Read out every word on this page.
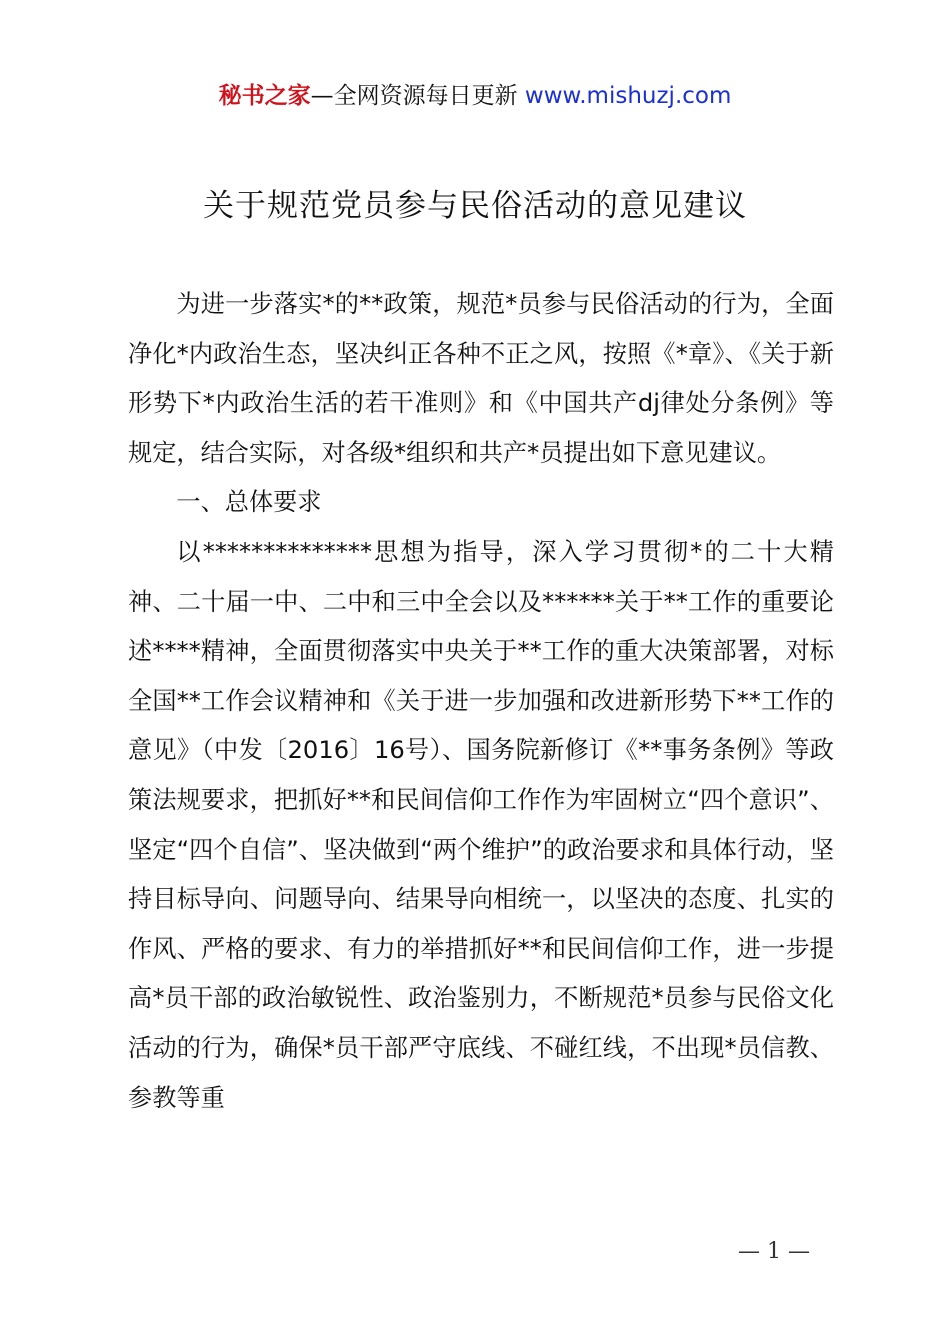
秘书之家—全网资源每日更新 www.mishuzj.com
关于规范党员参与民俗活动的意见建议

为进一步落实*的**政策，规范*员参与民俗活动的行为，全面净化*内政治生态，坚决纠正各种不正之风，按照《*章》、《关于新形势下*内政治生活的若干准则》和《中国共产dj律处分条例》等规定，结合实际，对各级*组织和共产*员提出如下意见建议。

一、总体要求

以**************思想为指导，深入学习贯彻*的二十大精神、二十届一中、二中和三中全会以及******关于**工作的重要论述****精神，全面贯彻落实中央关于**工作的重大决策部署，对标全国**工作会议精神和《关于进一步加强和改进新形势下**工作的意见》（中发〔2016〕16号）、国务院新修订《**事务条例》等政策法规要求，把抓好**和民间信仰工作作为牢固树立“四个意识”、坚定“四个自信”、坚决做到“两个维护”的政治要求和具体行动，坚持目标导向、问题导向、结果导向相统一，以坚决的态度、扎实的作风、严格的要求、有力的举措抓好**和民间信仰工作，进一步提高*员干部的政治敏锐性、政治鉴别力，不断规范*员参与民俗文化活动的行为，确保*员干部严守底线、不碰红线，不出现*员信教、参教等重

— 1 —
